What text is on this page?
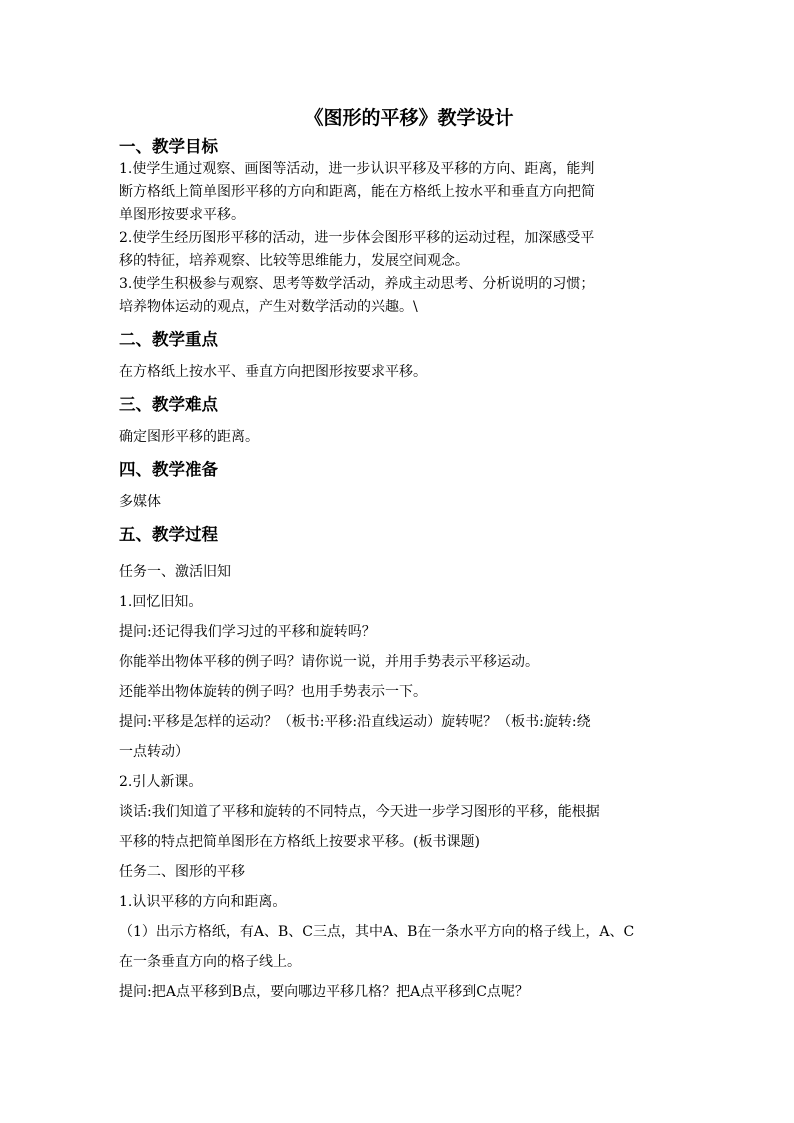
《图形的平移》教学设计
一、教学目标
1.使学生通过观察、画图等活动，进一步认识平移及平移的方向、距离，能判
断方格纸上简单图形平移的方向和距离，能在方格纸上按水平和垂直方向把简
单图形按要求平移。
2.使学生经历图形平移的活动，进一步体会图形平移的运动过程，加深感受平
移的特征，培养观察、比较等思维能力，发展空间观念。
3.使学生积极参与观察、思考等数学活动，养成主动思考、分析说明的习惯；
培养物体运动的观点，产生对数学活动的兴趣。\
二、教学重点
在方格纸上按水平、垂直方向把图形按要求平移。
三、教学难点
确定图形平移的距离。
四、教学准备
多媒体
五、教学过程
任务一、激活旧知
1.回忆旧知。
提问:还记得我们学习过的平移和旋转吗？
你能举出物体平移的例子吗？请你说一说，并用手势表示平移运动。
还能举出物体旋转的例子吗？也用手势表示一下。
提问:平移是怎样的运动？（板书:平移:沿直线运动）旋转呢？（板书:旋转:绕
一点转动）
2.引人新课。
谈话:我们知道了平移和旋转的不同特点，今天进一步学习图形的平移，能根据
平移的特点把简单图形在方格纸上按要求平移。(板书课题)
任务二、图形的平移
1.认识平移的方向和距离。
（1）出示方格纸，有A、B、C三点，其中A、B在一条水平方向的格子线上，A、C
在一条垂直方向的格子线上。
提问:把A点平移到B点，要向哪边平移几格？把A点平移到C点呢？
